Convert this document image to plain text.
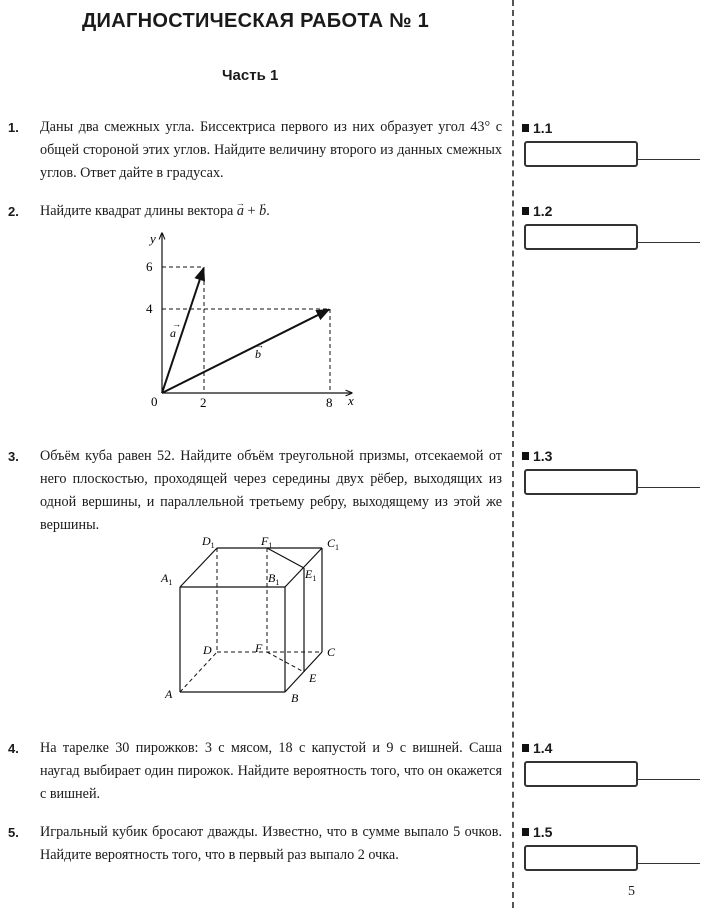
ДИАГНОСТИЧЕСКАЯ РАБОТА № 1
Часть 1
1. Даны два смежных угла. Биссектриса первого из них образует угол 43° с общей стороной этих углов. Найдите величину второго из данных смежных углов. Ответ дайте в градусах.
1.1
2. Найдите квадрат длины вектора → a + → b.	1.2
y
x
0
6
4
2	8
a
→
b
→
3. Объём куба равен 52. Найдите объём треугольной призмы, отсекаемой от него плоскостью, проходящей через середины двух рёбер, выходящих из одной вершины, и параллельной третьему ребру, выходящему из этой же вершины.
1.3
$D_1$	$F_1$	$C_1$
$A_1$	$B_1$
$E_1$
D	F	C
A	B
E
4. На тарелке 30 пирожков: 3 с мясом, 18 с капустой и 9 с вишней. Саша наугад выбирает один пирожок. Найдите вероятность того, что он окажется с вишней.
1.4
5. Игральный кубик бросают дважды. Известно, что в сумме выпало 5 очков. Найдите вероятность того, что в первый раз выпало 2 очка.
1.5
5
